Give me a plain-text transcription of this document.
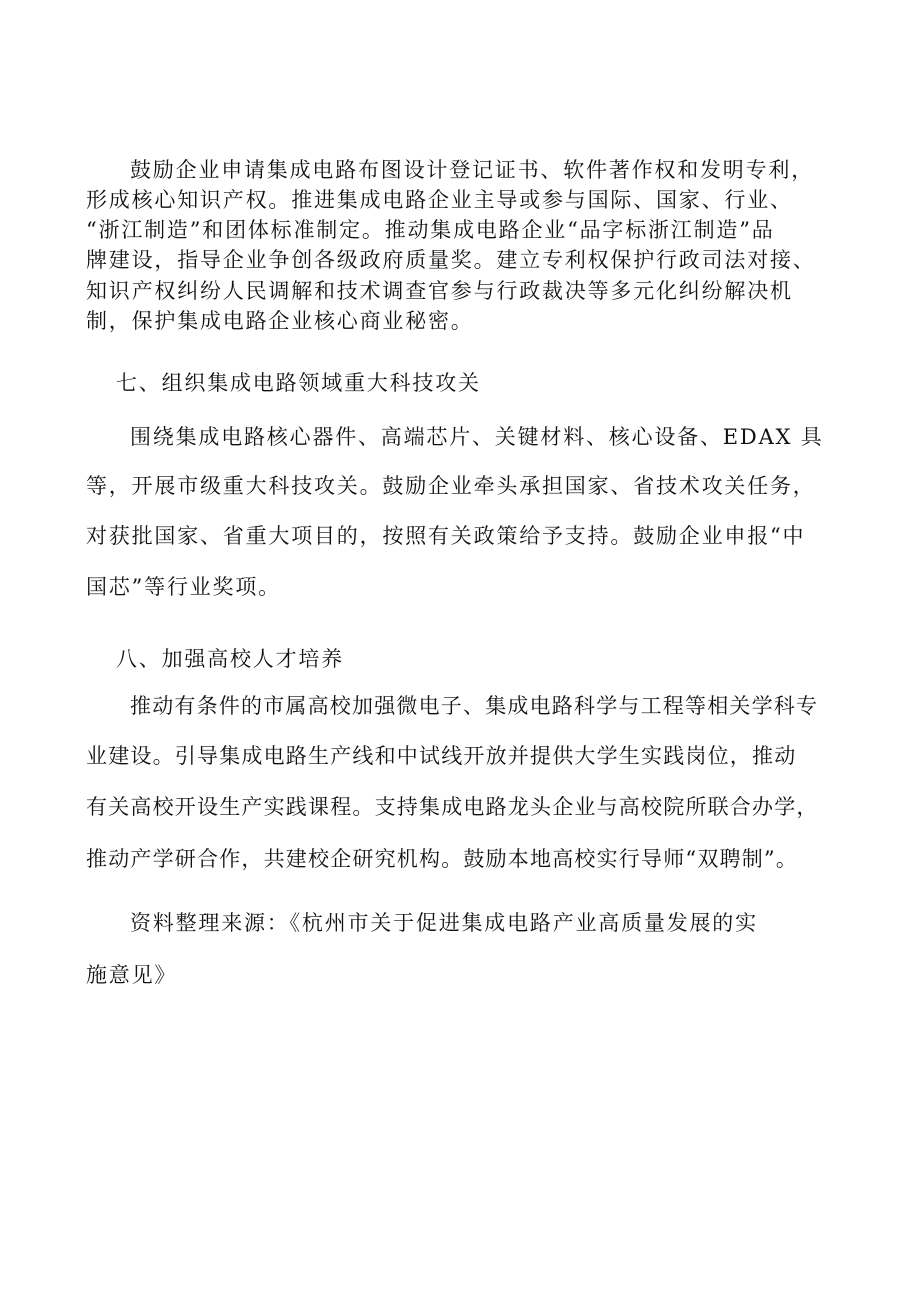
鼓励企业申请集成电路布图设计登记证书、软件著作权和发明专利，
形成核心知识产权。推进集成电路企业主导或参与国际、国家、行业、
“浙江制造”和团体标准制定。推动集成电路企业“品字标浙江制造”品
牌建设，指导企业争创各级政府质量奖。建立专利权保护行政司法对接、
知识产权纠纷人民调解和技术调查官参与行政裁决等多元化纠纷解决机
制，保护集成电路企业核心商业秘密。
七、组织集成电路领域重大科技攻关
围绕集成电路核心器件、高端芯片、关键材料、核心设备、EDAX 具
等，开展市级重大科技攻关。鼓励企业牵头承担国家、省技术攻关任务，
对获批国家、省重大项目的，按照有关政策给予支持。鼓励企业申报“中
国芯”等行业奖项。
八、加强高校人才培养
推动有条件的市属高校加强微电子、集成电路科学与工程等相关学科专
业建设。引导集成电路生产线和中试线开放并提供大学生实践岗位，推动
有关高校开设生产实践课程。支持集成电路龙头企业与高校院所联合办学，
推动产学研合作，共建校企研究机构。鼓励本地高校实行导师“双聘制”。
资料整理来源：《杭州市关于促进集成电路产业高质量发展的实
施意见》
